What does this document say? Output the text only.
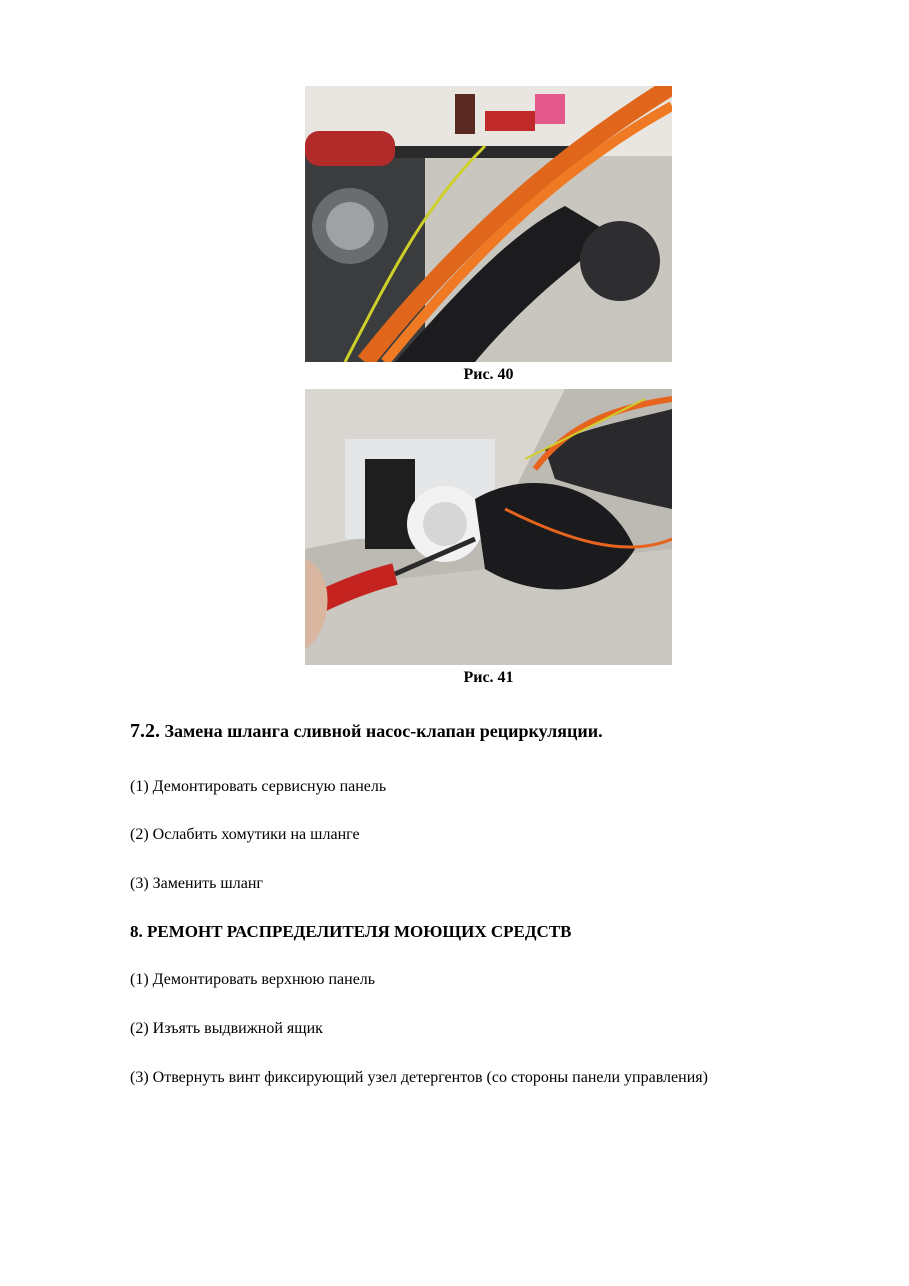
Рис. 40
Рис. 41
7.2. Замена шланга сливной насос-клапан рециркуляции.
(1) Демонтировать сервисную панель
(2) Ослабить хомутики на шланге
(3) Заменить шланг
8. РЕМОНТ РАСПРЕДЕЛИТЕЛЯ МОЮЩИХ СРЕДСТВ
(1) Демонтировать верхнюю панель
(2) Изъять выдвижной ящик
(3) Отвернуть винт фиксирующий узел детергентов (со стороны панели управления)
